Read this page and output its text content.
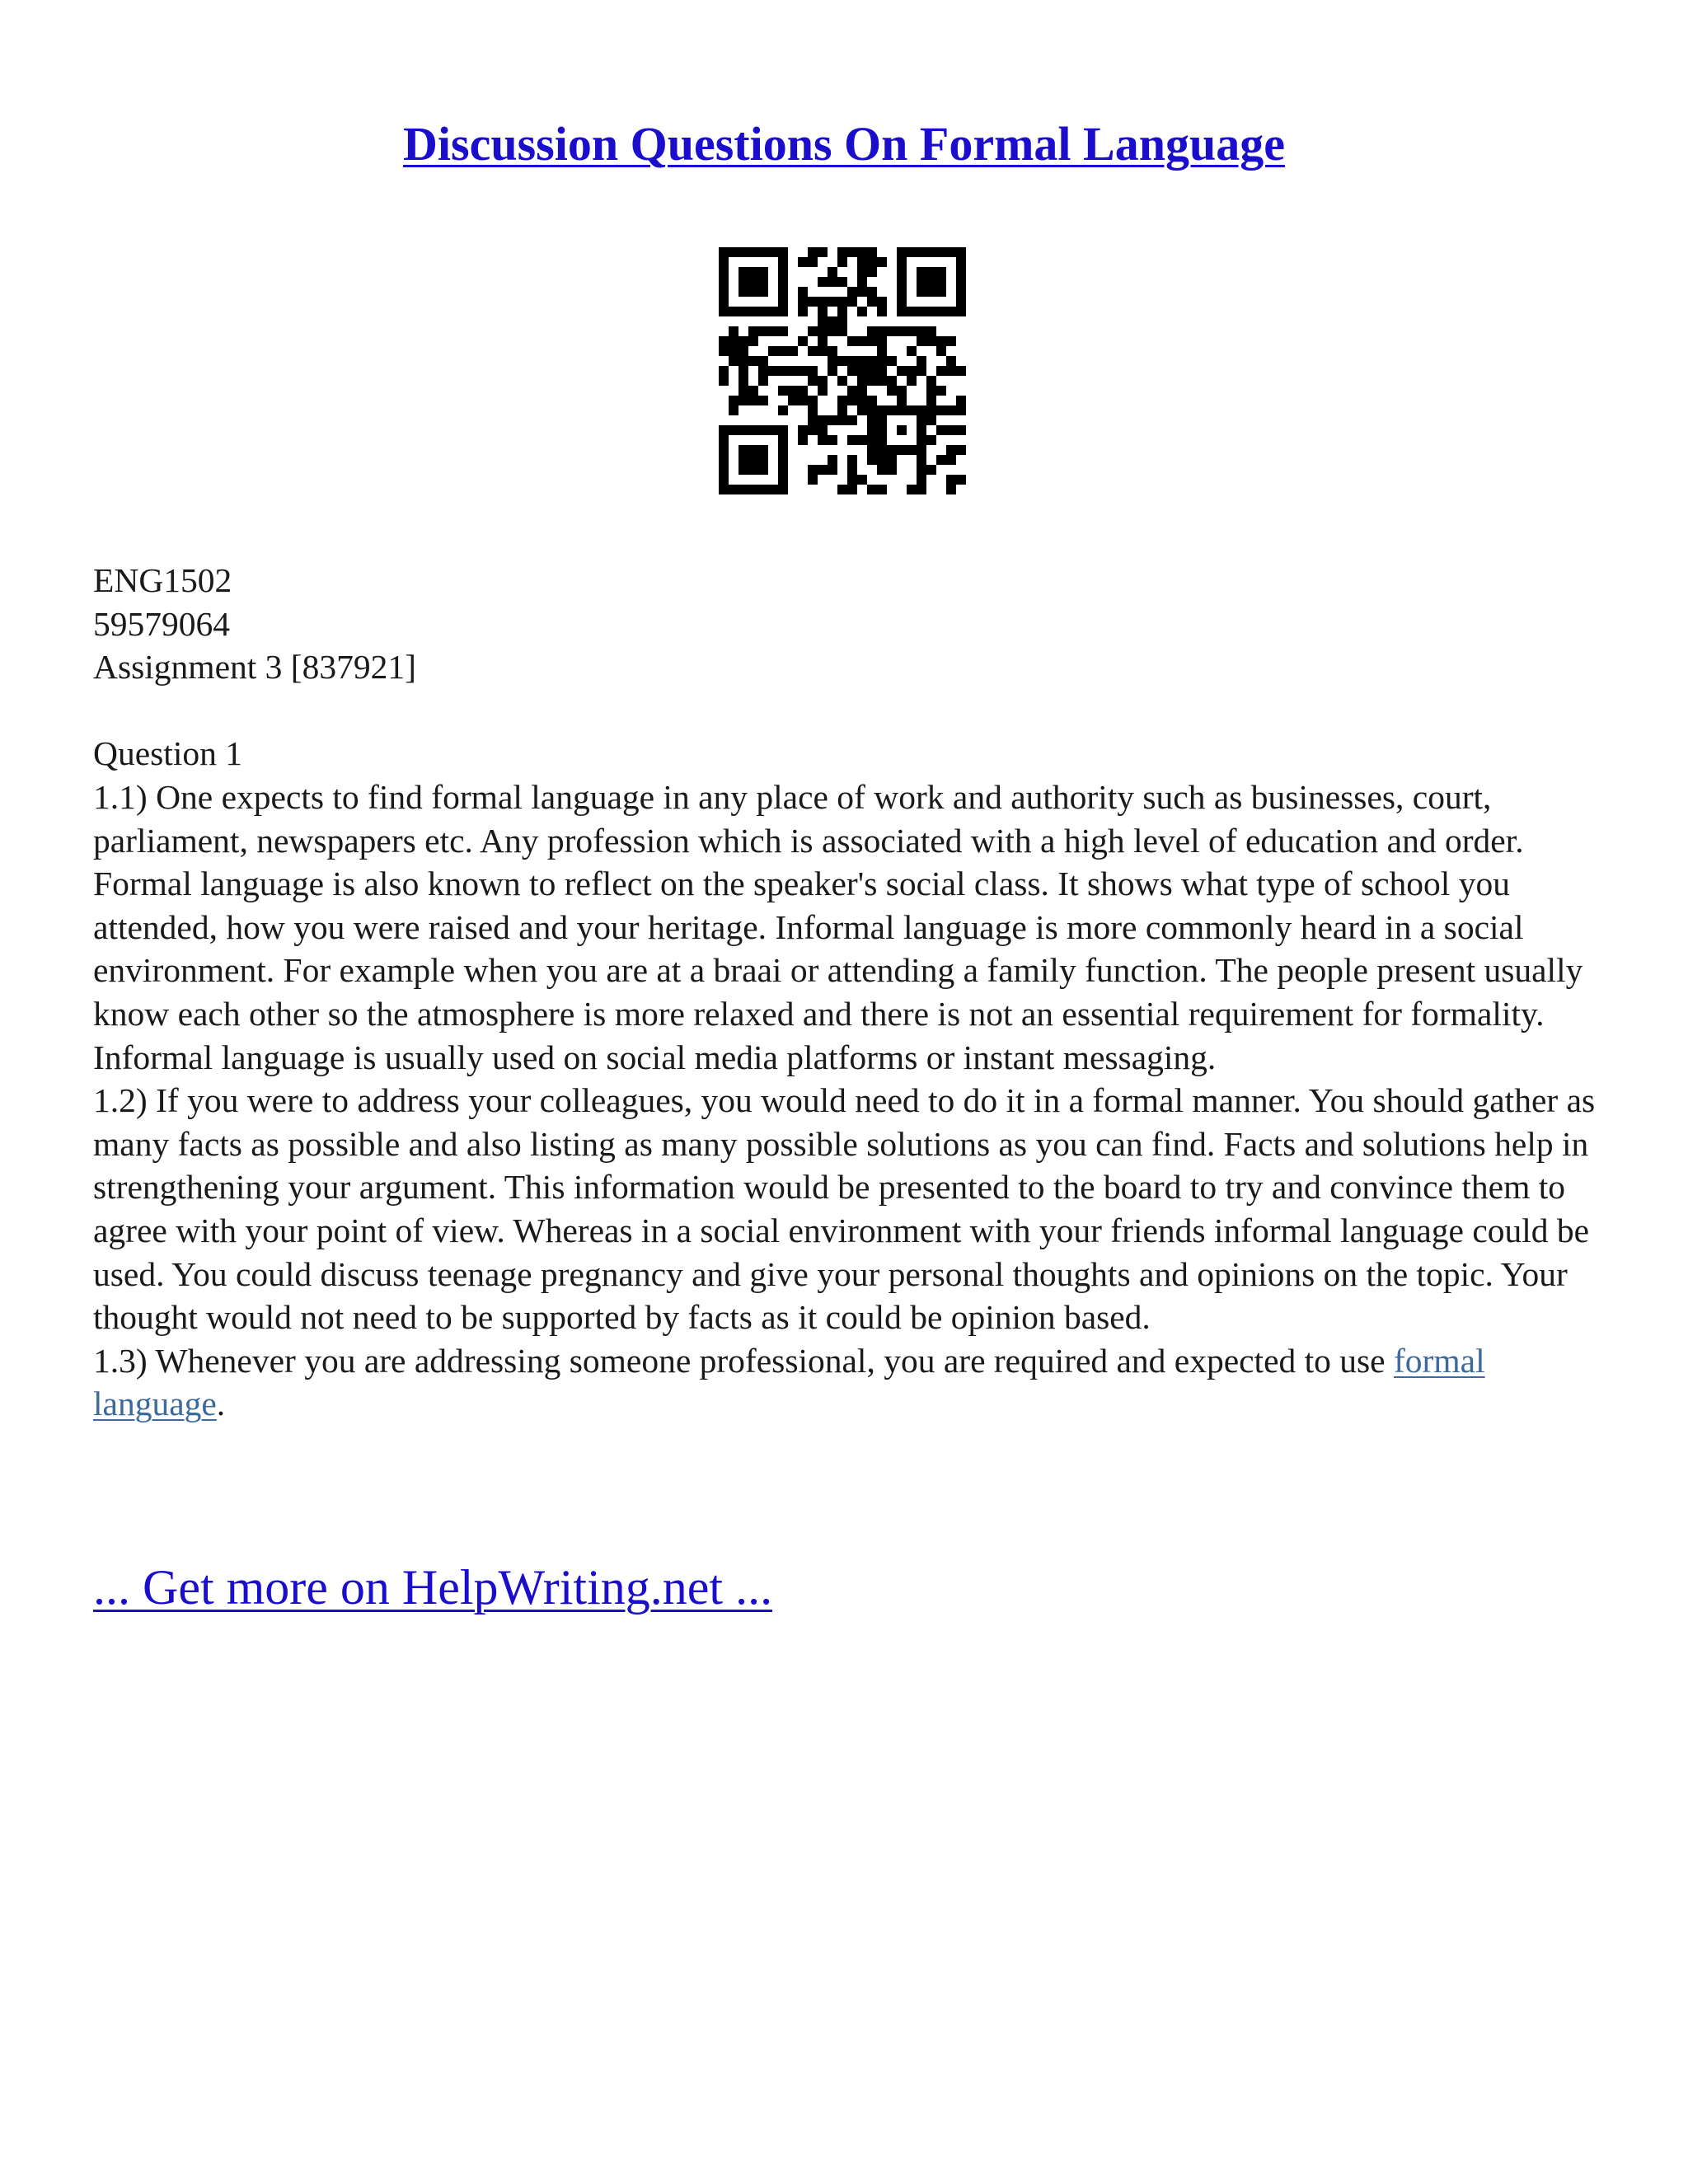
Discussion Questions On Formal Language

ENG1502

59579064

Assignment 3 [837921]

Question 1

1.1) One expects to find formal language in any place of work and authority such as businesses, court, parliament, newspapers etc. Any profession which is associated with a high level of education and order. Formal language is also known to reflect on the speaker's social class. It shows what type of school you attended, how you were raised and your heritage. Informal language is more commonly heard in a social environment. For example when you are at a braai or attending a family function. The people present usually know each other so the atmosphere is more relaxed and there is not an essential requirement for formality. Informal language is usually used on social media platforms or instant messaging.

1.2) If you were to address your colleagues, you would need to do it in a formal manner. You should gather as many facts as possible and also listing as many possible solutions as you can find. Facts and solutions help in strengthening your argument. This information would be presented to the board to try and convince them to agree with your point of view. Whereas in a social environment with your friends informal language could be used. You could discuss teenage pregnancy and give your personal thoughts and opinions on the topic. Your thought would not need to be supported by facts as it could be opinion based.

1.3) Whenever you are addressing someone professional, you are required and expected to use formal language.

... Get more on HelpWriting.net ...
